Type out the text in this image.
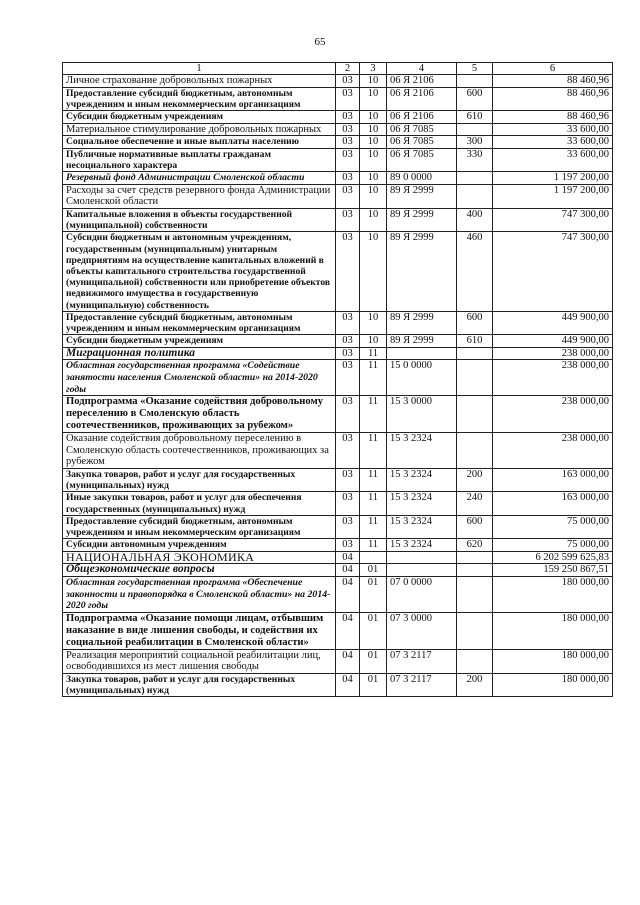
65
1	2	3	4	5	6
Личное страхование добровольных пожарных	03	10	06 Я 2106		88 460,96
Предоставление субсидий бюджетным, автономным учреждениям и иным некоммерческим организациям	03	10	06 Я 2106	600	88 460,96
Субсидии бюджетным учреждениям	03	10	06 Я 2106	610	88 460,96
Материальное стимулирование добровольных пожарных	03	10	06 Я 7085		33 600,00
Социальное обеспечение и иные выплаты населению	03	10	06 Я 7085	300	33 600,00
Публичные нормативные выплаты гражданам несоциального характера	03	10	06 Я 7085	330	33 600,00
Резервный фонд Администрации Смоленской области	03	10	89 0 0000		1 197 200,00
Расходы за счет средств резервного фонда Администрации Смоленской области	03	10	89 Я 2999		1 197 200,00
Капитальные вложения в объекты государственной (муниципальной) собственности	03	10	89 Я 2999	400	747 300,00
Субсидии бюджетным и автономным учреждениям, государственным (муниципальным) унитарным предприятиям на осуществление капитальных вложений в объекты капитального строительства государственной (муниципальной) собственности или приобретение объектов недвижимого имущества в государственную (муниципальную) собственность	03	10	89 Я 2999	460	747 300,00
Предоставление субсидий бюджетным, автономным учреждениям и иным некоммерческим организациям	03	10	89 Я 2999	600	449 900,00
Субсидии бюджетным учреждениям	03	10	89 Я 2999	610	449 900,00
Миграционная политика	03	11			238 000,00
Областная государственная программа «Содействие занятости населения Смоленской области» на 2014-2020 годы	03	11	15 0 0000		238 000,00
Подпрограмма «Оказание содействия добровольному переселению в Смоленскую область соотечественников, проживающих за рубежом»	03	11	15 3 0000		238 000,00
Оказание содействия добровольному переселению в Смоленскую область соотечественников, проживающих за рубежом	03	11	15 3 2324		238 000,00
Закупка товаров, работ и услуг для государственных (муниципальных) нужд	03	11	15 3 2324	200	163 000,00
Иные закупки товаров, работ и услуг для обеспечения государственных (муниципальных) нужд	03	11	15 3 2324	240	163 000,00
Предоставление субсидий бюджетным, автономным учреждениям и иным некоммерческим организациям	03	11	15 3 2324	600	75 000,00
Субсидии автономным учреждениям	03	11	15 3 2324	620	75 000,00
НАЦИОНАЛЬНАЯ ЭКОНОМИКА	04				6 202 599 625,83
Общеэкономические вопросы	04	01			159 250 867,51
Областная государственная программа «Обеспечение законности и правопорядка в Смоленской области» на 2014-2020 годы	04	01	07 0 0000		180 000,00
Подпрограмма «Оказание помощи лицам, отбывшим наказание в виде лишения свободы, и содействия их социальной реабилитации в Смоленской области»	04	01	07 3 0000		180 000,00
Реализация мероприятий социальной реабилитации лиц, освободившихся из мест лишения свободы	04	01	07 3 2117		180 000,00
Закупка товаров, работ и услуг для государственных (муниципальных) нужд	04	01	07 3 2117	200	180 000,00
